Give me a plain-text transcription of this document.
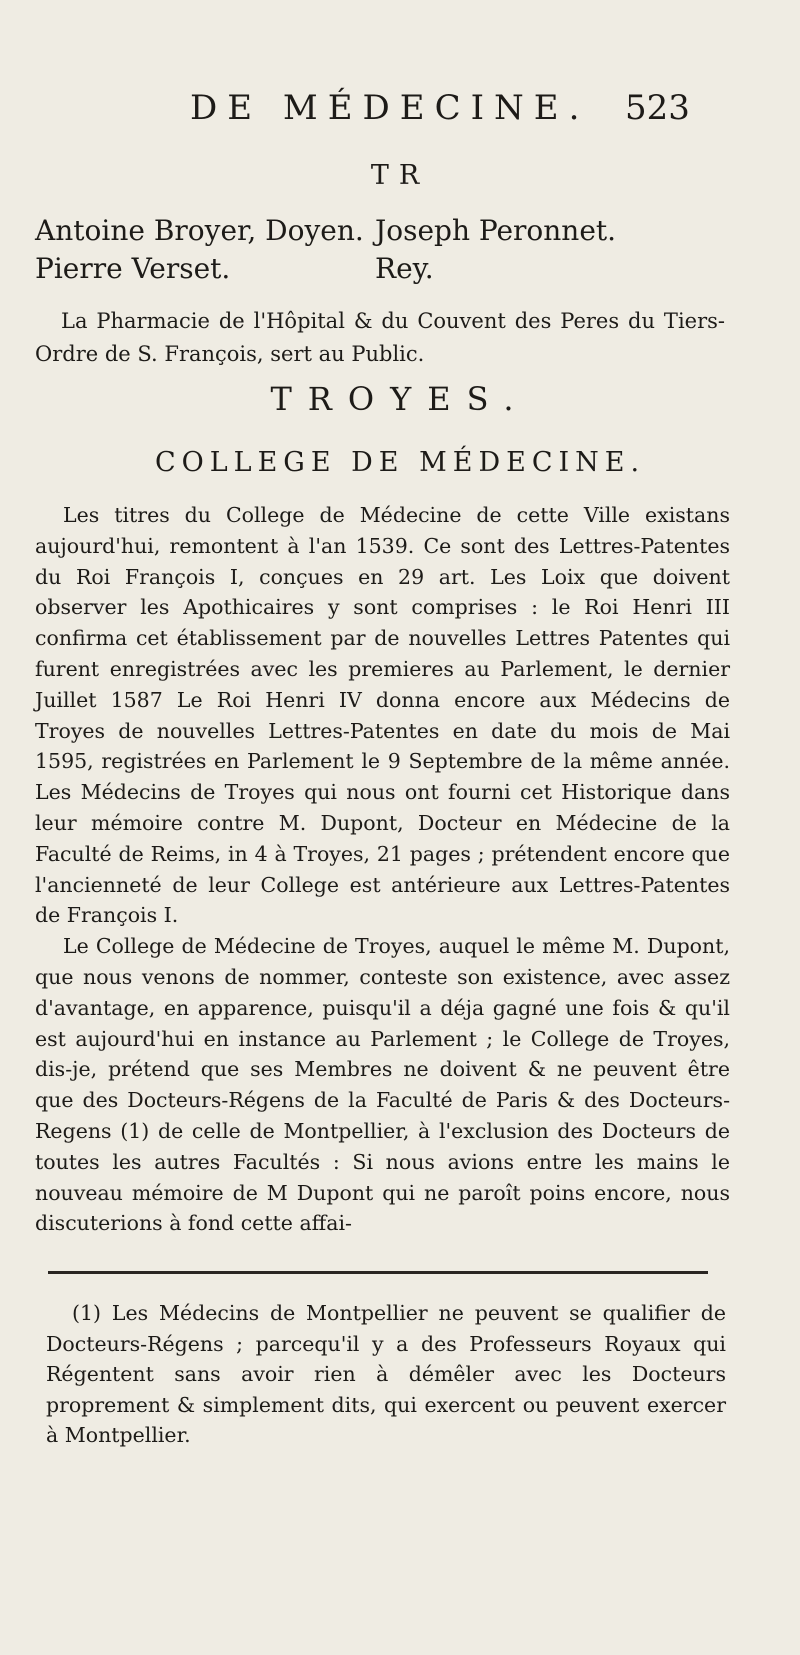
DE MÉDECINE. 523
TR
Antoine Broyer, Doyen. Joseph Peronnet.
Pierre Verset.	Rey.

La Pharmacie de l'Hôpital & du Couvent des Peres du Tiers-Ordre de S. François, sert au Public.

TROYES.
COLLEGE DE MÉDECINE.

Les titres du College de Médecine de cette Ville existans aujourd'hui, remontent à l'an 1539. Ce sont des Lettres-Patentes du Roi François I, conçues en 29 art. Les Loix que doivent observer les Apothicaires y sont comprises : le Roi Henri III confirma cet établissement par de nouvelles Lettres Patentes qui furent enregistrées avec les premieres au Parlement, le dernier Juillet 1587 Le Roi Henri IV donna encore aux Médecins de Troyes de nouvelles Lettres-Patentes en date du mois de Mai 1595, registrées en Parlement le 9 Septembre de la même année. Les Médecins de Troyes qui nous ont fourni cet Historique dans leur mémoire contre M. Dupont, Docteur en Médecine de la Faculté de Reims, in 4 à Troyes, 21 pages ; prétendent encore que l'ancienneté de leur College est antérieure aux Lettres-Patentes de François I.

Le College de Médecine de Troyes, auquel le même M. Dupont, que nous venons de nommer, conteste son existence, avec assez d'avantage, en apparence, puisqu'il a déja gagné une fois & qu'il est aujourd'hui en instance au Parlement ; le College de Troyes, dis-je, prétend que ses Membres ne doivent & ne peuvent être que des Docteurs-Régens de la Faculté de Paris & des Docteurs-Regens (1) de celle de Montpellier, à l'exclusion des Docteurs de toutes les autres Facultés : Si nous avions entre les mains le nouveau mémoire de M Dupont qui ne paroît poins encore, nous discuterions à fond cette affai-

(1) Les Médecins de Montpellier ne peuvent se qualifier de Docteurs-Régens ; parcequ'il y a des Professeurs Royaux qui Régentent sans avoir rien à démêler avec les Docteurs proprement & simplement dits, qui exercent ou peuvent exercer à Montpellier.
